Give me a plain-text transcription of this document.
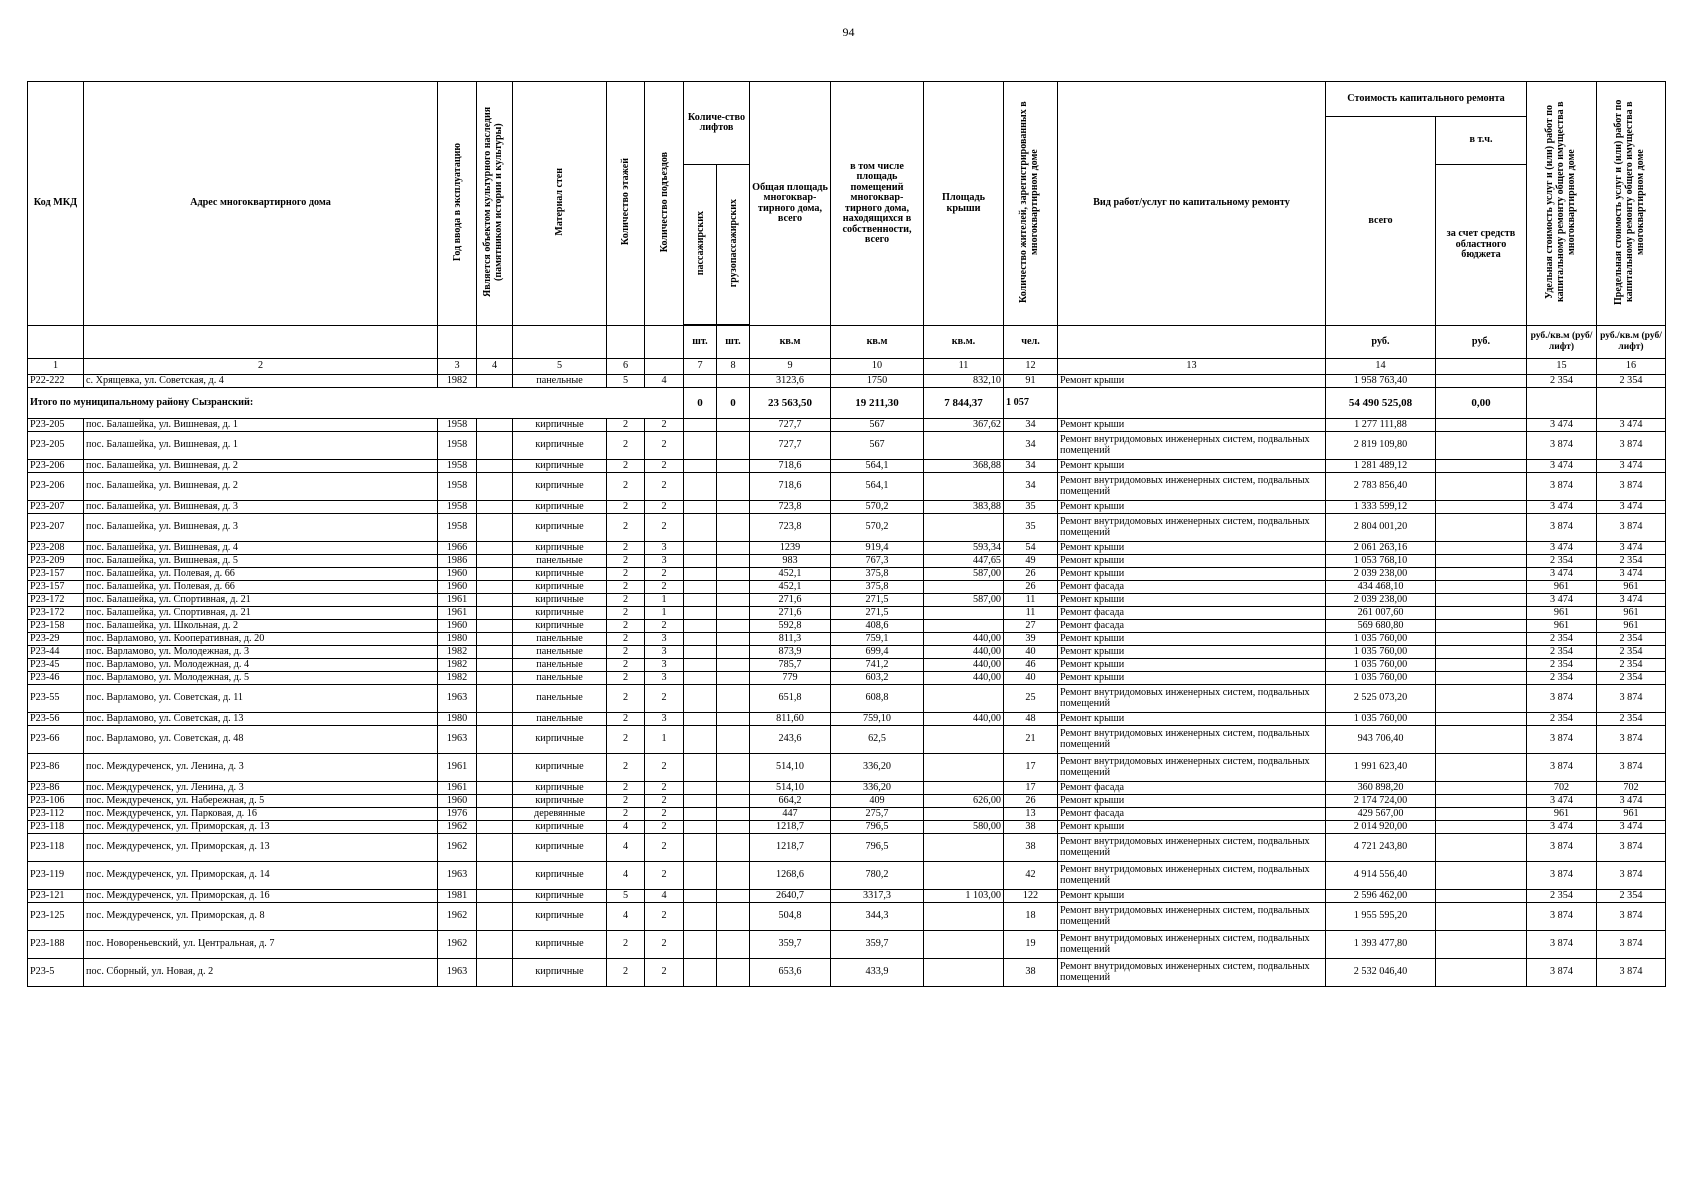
94
Код МКД	Адрес многоквартирного дома	Год ввода в эксплуатацию	Является объектом культурного наследия (памятником истории и культуры)	Материал стен	Количество этажей	Количество подъездов	Количе-ство лифтов		Общая площадь многоквар-тирного дома, всего	в том числе площадь помещений многоквар-тирного дома, находящихся в собственности, всего	Площадь крыши	Количество жителей, зарегистрированных в многоквартирном доме	Вид работ/услуг по капитальному ремонту	Стоимость капитального ремонта		Удельная стоимость услуг и (или) работ по капитальному ремонту общего имущества в многоквартирном доме	Предельная стоимость услуг и (или) работ по капитальному ремонту общего имущества в многоквартирном доме
														всего	в т.ч.		
							пассажирских	грузопассажирских							за счет средств областного бюджета		

							шт.	шт.	кв.м	кв.м	кв.м.	чел.		руб.	руб.	руб./кв.м (руб/лифт)	руб./кв.м (руб/лифт)
1	2	3	4	5	6		7	8	9	10	11	12	13	14		15	16
Р22-222	с. Хрящевка, ул. Советская, д. 4	1982		панельные	5	4			3123,6	1750	832,10	91	Ремонт крыши	1 958 763,40		2 354	2 354
Итого по муниципальному району Сызранский:							0	0	23 563,50	19 211,30	7 844,37	1 057		54 490 525,08	0,00		
Р23-205	пос. Балашейка, ул. Вишневая, д. 1	1958		кирпичные	2	2			727,7	567	367,62	34	Ремонт крыши	1 277 111,88		3 474	3 474
Р23-205	пос. Балашейка, ул. Вишневая, д. 1	1958		кирпичные	2	2			727,7	567		34	Ремонт внутридомовых инженерных систем, подвальных помещений	2 819 109,80		3 874	3 874
Р23-206	пос. Балашейка, ул. Вишневая, д. 2	1958		кирпичные	2	2			718,6	564,1	368,88	34	Ремонт крыши	1 281 489,12		3 474	3 474
Р23-206	пос. Балашейка, ул. Вишневая, д. 2	1958		кирпичные	2	2			718,6	564,1		34	Ремонт внутридомовых инженерных систем, подвальных помещений	2 783 856,40		3 874	3 874
Р23-207	пос. Балашейка, ул. Вишневая, д. 3	1958		кирпичные	2	2			723,8	570,2	383,88	35	Ремонт крыши	1 333 599,12		3 474	3 474
Р23-207	пос. Балашейка, ул. Вишневая, д. 3	1958		кирпичные	2	2			723,8	570,2		35	Ремонт внутридомовых инженерных систем, подвальных помещений	2 804 001,20		3 874	3 874
Р23-208	пос. Балашейка, ул. Вишневая, д. 4	1966		кирпичные	2	3			1239	919,4	593,34	54	Ремонт крыши	2 061 263,16		3 474	3 474
Р23-209	пос. Балашейка, ул. Вишневая, д. 5	1986		панельные	2	3			983	767,3	447,65	49	Ремонт крыши	1 053 768,10		2 354	2 354
Р23-157	пос. Балашейка, ул. Полевая, д. 66	1960		кирпичные	2	2			452,1	375,8	587,00	26	Ремонт крыши	2 039 238,00		3 474	3 474
Р23-157	пос. Балашейка, ул. Полевая, д. 66	1960		кирпичные	2	2			452,1	375,8		26	Ремонт фасада	434 468,10		961	961
Р23-172	пос. Балашейка, ул. Спортивная, д. 21	1961		кирпичные	2	1			271,6	271,5	587,00	11	Ремонт крыши	2 039 238,00		3 474	3 474
Р23-172	пос. Балашейка, ул. Спортивная, д. 21	1961		кирпичные	2	1			271,6	271,5		11	Ремонт фасада	261 007,60		961	961
Р23-158	пос. Балашейка, ул. Школьная, д. 2	1960		кирпичные	2	2			592,8	408,6		27	Ремонт фасада	569 680,80		961	961
Р23-29	пос. Варламово, ул. Кооперативная, д. 20	1980		панельные	2	3			811,3	759,1	440,00	39	Ремонт крыши	1 035 760,00		2 354	2 354
Р23-44	пос. Варламово, ул. Молодежная, д. 3	1982		панельные	2	3			873,9	699,4	440,00	40	Ремонт крыши	1 035 760,00		2 354	2 354
Р23-45	пос. Варламово, ул. Молодежная, д. 4	1982		панельные	2	3			785,7	741,2	440,00	46	Ремонт крыши	1 035 760,00		2 354	2 354
Р23-46	пос. Варламово, ул. Молодежная, д. 5	1982		панельные	2	3			779	603,2	440,00	40	Ремонт крыши	1 035 760,00		2 354	2 354
Р23-55	пос. Варламово, ул. Советская, д. 11	1963		панельные	2	2			651,8	608,8		25	Ремонт внутридомовых инженерных систем, подвальных помещений	2 525 073,20		3 874	3 874
Р23-56	пос. Варламово, ул. Советская, д. 13	1980		панельные	2	3			811,60	759,10	440,00	48	Ремонт крыши	1 035 760,00		2 354	2 354
Р23-66	пос. Варламово, ул. Советская, д. 48	1963		кирпичные	2	1			243,6	62,5		21	Ремонт внутридомовых инженерных систем, подвальных помещений	943 706,40		3 874	3 874
Р23-86	пос. Междуреченск, ул. Ленина, д. 3	1961		кирпичные	2	2			514,10	336,20		17	Ремонт внутридомовых инженерных систем, подвальных помещений	1 991 623,40		3 874	3 874
Р23-86	пос. Междуреченск, ул. Ленина, д. 3	1961		кирпичные	2	2			514,10	336,20		17	Ремонт фасада	360 898,20		702	702
Р23-106	пос. Междуреченск, ул. Набережная, д. 5	1960		кирпичные	2	2			664,2	409	626,00	26	Ремонт крыши	2 174 724,00		3 474	3 474
Р23-112	пос. Междуреченск, ул. Парковая, д. 16	1976		деревянные	2	2			447	275,7		13	Ремонт фасада	429 567,00		961	961
Р23-118	пос. Междуреченск, ул. Приморская, д. 13	1962		кирпичные	4	2			1218,7	796,5	580,00	38	Ремонт крыши	2 014 920,00		3 474	3 474
Р23-118	пос. Междуреченск, ул. Приморская, д. 13	1962		кирпичные	4	2			1218,7	796,5		38	Ремонт внутридомовых инженерных систем, подвальных помещений	4 721 243,80		3 874	3 874
Р23-119	пос. Междуреченск, ул. Приморская, д. 14	1963		кирпичные	4	2			1268,6	780,2		42	Ремонт внутридомовых инженерных систем, подвальных помещений	4 914 556,40		3 874	3 874
Р23-121	пос. Междуреченск, ул. Приморская, д. 16	1981		кирпичные	5	4			2640,7	3317,3	1 103,00	122	Ремонт крыши	2 596 462,00		2 354	2 354
Р23-125	пос. Междуреченск, ул. Приморская, д. 8	1962		кирпичные	4	2			504,8	344,3		18	Ремонт внутридомовых инженерных систем, подвальных помещений	1 955 595,20		3 874	3 874
Р23-188	пос. Новореньевский, ул. Центральная, д. 7	1962		кирпичные	2	2			359,7	359,7		19	Ремонт внутридомовых инженерных систем, подвальных помещений	1 393 477,80		3 874	3 874
Р23-5	пос. Сборный, ул. Новая, д. 2	1963		кирпичные	2	2			653,6	433,9		38	Ремонт внутридомовых инженерных систем, подвальных помещений	2 532 046,40		3 874	3 874
